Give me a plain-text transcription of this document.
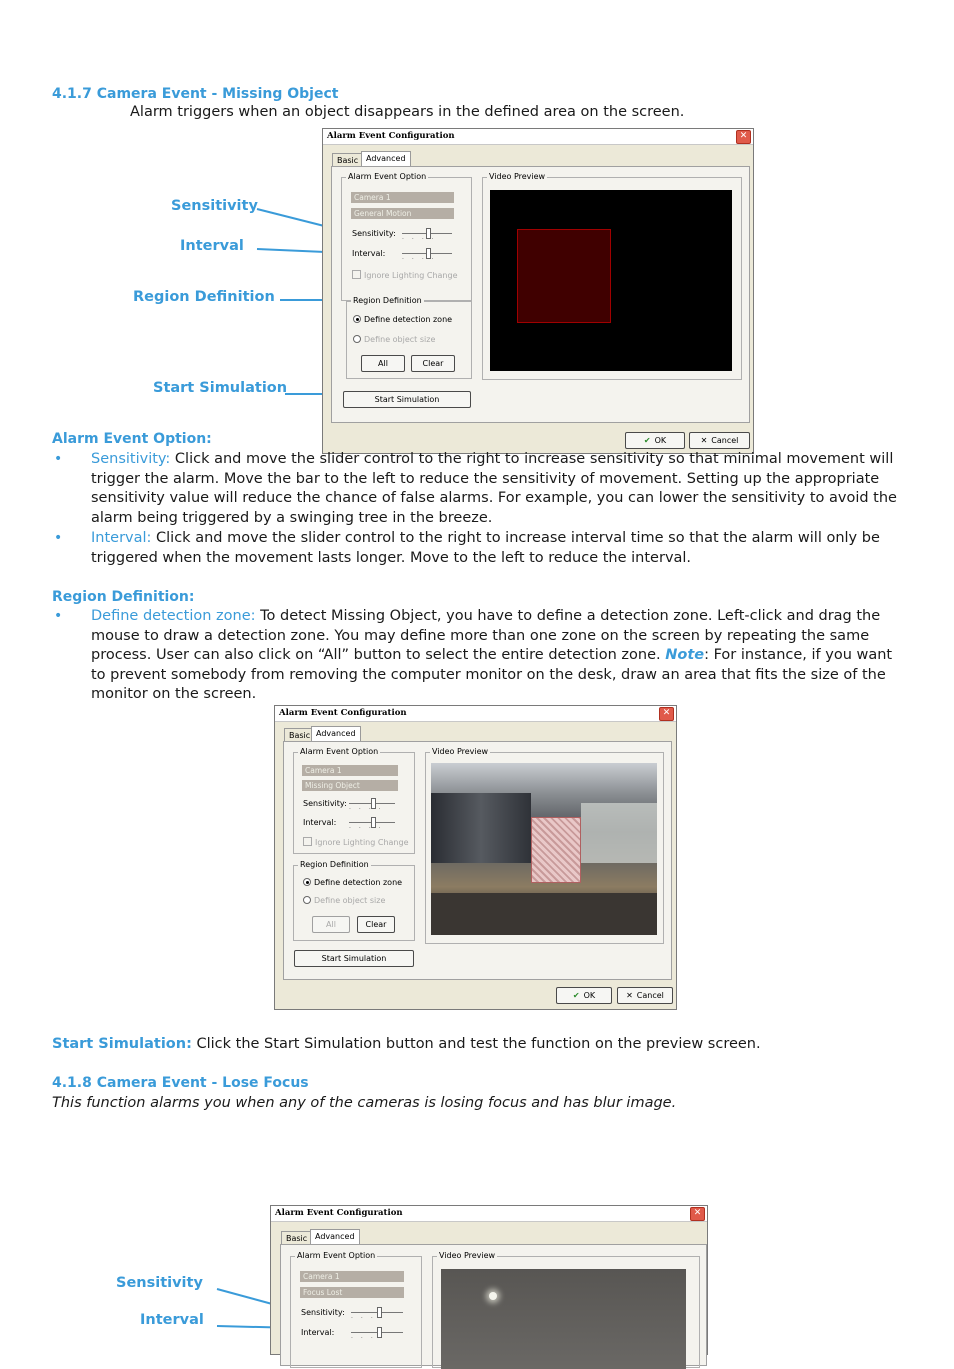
4.1.7 Camera Event - Missing Object
Alarm triggers when an object disappears in the defined area on the screen.
Sensitivity
Interval
Region Definition
Start Simulation
Alarm Event Configuration	✕
Basic Advanced
Alarm Event Option
Camera 1
General Motion
Sensitivity:
····
Interval:
····
Ignore Lighting Change
Region Definition
Define detection zone
Define object size
All	Clear
Start Simulation
Video Preview
✔ OK	✕ Cancel
Alarm Event Option:
• Sensitivity: Click and move the slider control to the right to increase sensitivity so that minimal movement will trigger the alarm. Move the bar to the left to reduce the sensitivity of movement. Setting up the appropriate sensitivity value will reduce the chance of false alarms. For example, you can lower the sensitivity to avoid the alarm being triggered by a swinging tree in the breeze.
• Interval: Click and move the slider control to the right to increase interval time so that the alarm will only be triggered when the movement lasts longer. Move to the left to reduce the interval.
Region Definition:
• Define detection zone: To detect Missing Object, you have to define a detection zone. Left-click and drag the mouse to draw a detection zone. You may define more than one zone on the screen by repeating the same process. User can also click on “All” button to select the entire detection zone. Note: For instance, if you want to prevent somebody from removing the computer monitor on the desk, draw an area that fits the size of the monitor on the screen.
Alarm Event Configuration	✕
Basic Advanced
Alarm Event Option
Camera 1
Missing Object
Sensitivity:
····
Interval:
····
Ignore Lighting Change
Region Definition
Define detection zone
Define object size
All	Clear
Start Simulation
Video Preview
✔ OK	✕ Cancel
Start Simulation: Click the Start Simulation button and test the function on the preview screen.
4.1.8 Camera Event - Lose Focus
This function alarms you when any of the cameras is losing focus and has blur image.
Sensitivity
Interval
Alarm Event Configuration	✕
Basic Advanced
Alarm Event Option
Camera 1
Focus Lost
Sensitivity:
····
Interval:
····
Video Preview
